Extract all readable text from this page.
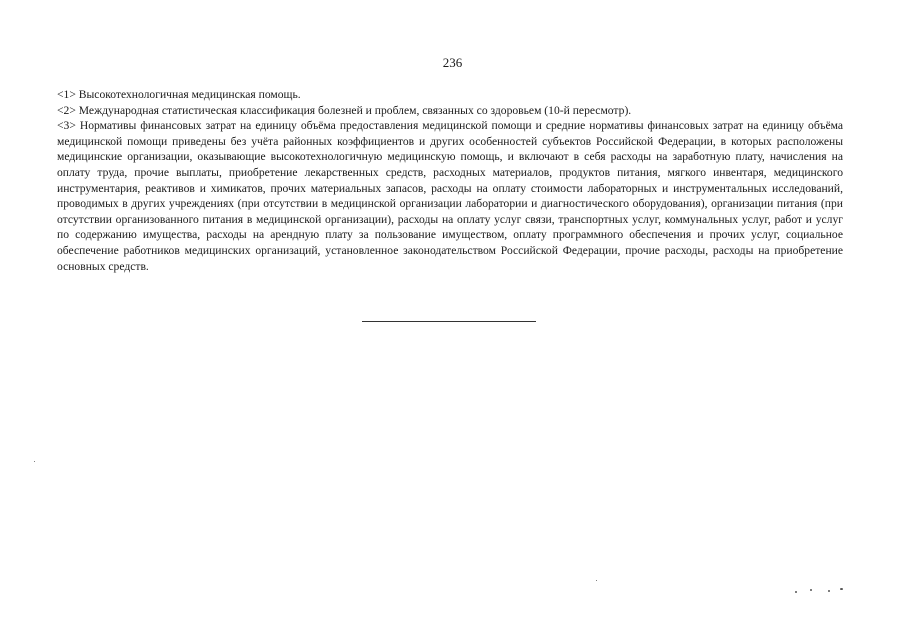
236

<1> Высокотехнологичная медицинская помощь.

<2> Международная статистическая классификация болезней и проблем, связанных со здоровьем (10-й пересмотр).

<3> Нормативы финансовых затрат на единицу объёма предоставления медицинской помощи и средние нормативы финансовых затрат на единицу объёма медицинской помощи приведены без учёта районных коэффициентов и других особенностей субъектов Российской Федерации, в которых расположены медицинские организации, оказывающие высокотехнологичную медицинскую помощь, и включают в себя расходы на заработную плату, начисления на оплату труда, прочие выплаты, приобретение лекарственных средств, расходных материалов, продуктов питания, мягкого инвентаря, медицинского инструментария, реактивов и химикатов, прочих материальных запасов, расходы на оплату стоимости лабораторных и инструментальных исследований, проводимых в других учреждениях (при отсутствии в медицинской организации лаборатории и диагностического оборудования), организации питания (при отсутствии организованного питания в медицинской организации), расходы на оплату услуг связи, транспортных услуг, коммунальных услуг, работ и услуг по содержанию имущества, расходы на арендную плату за пользование имуществом, оплату программного обеспечения и прочих услуг, социальное обеспечение работников медицинских организаций, установленное законодательством Российской Федерации, прочие расходы, расходы на приобретение основных средств.
